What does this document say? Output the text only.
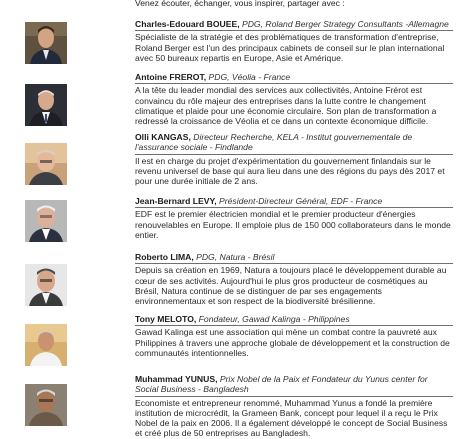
Venez écouter, échanger, vous inspirer, partager avec :
Charles-Edouard BOUEE, PDG, Roland Berger Strategy Consultants -Allemagne
Spécialiste de la stratégie et des problématiques de transformation d'entreprise, Roland Berger est l'un des principaux cabinets de conseil sur le plan international avec 50 bureaux repartis en Europe, Asie et Amérique.
Antoine FREROT, PDG, Véolia - France
A la tête du leader mondial des services aux collectivités, Antoine Frérot est convaincu du rôle majeur des entreprises dans la lutte contre le changement climatique et plaide pour une économie circulaire. Son plan de transformation a redressé la croissance de Véolia et ce dans un contexte économique difficile.
Olli KANGAS, Directeur Recherche, KELA - Institut gouvernementale de l'assurance sociale - Findlande
Il est en charge du projet d'expérimentation du gouvernement finlandais sur le revenu universel de base qui aura lieu dans une des régions du pays dès 2017 et pour une durée initiale de 2 ans.
Jean-Bernard LEVY, Président-Directeur Général, EDF - France
EDF est le premier électricien mondial et le premier producteur d'énergies renouvelables en Europe. Il emploie plus de 150 000 collaborateurs dans le monde entier.
Roberto LIMA, PDG, Natura - Brésil
Depuis sa création en 1969, Natura a toujours placé le développement durable au cœur de ses activités. Aujourd'hui le plus gros producteur de cosmétiques au Brésil, Natura continue de se distinguer de par ses engagements environnementaux et son respect de la biodiversité brésilienne.
Tony MELOTO, Fondateur, Gawad Kalinga - Philippines
Gawad Kalinga est une association qui mène un combat contre la pauvreté aux Philippines à travers une approche globale de développement et la construction de communautés intentionnelles.
Muhammad YUNUS, Prix Nobel de la Paix et Fondateur du Yunus center for Social Business - Bangladesh
Economiste et entrepreneur renommé, Muhammad Yunus a fondé la première institution de microcrédit, la Grameen Bank, concept pour lequel il a reçu le Prix Nobel de la paix en 2006. Il a également développé le concept de Social Business et créé plus de 50 entreprises au Bangladesh.
